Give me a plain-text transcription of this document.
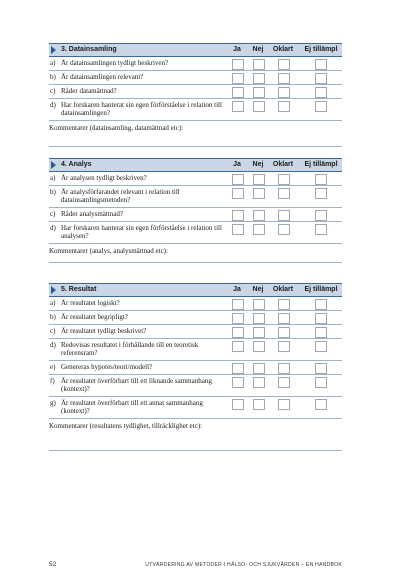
3. Datainsamling	Ja Nej Oklart Ej tillämpl
a) Är datainsamlingen tydligt beskriven?
b) Är datainsamlingen relevant?
c) Råder datamättnad?
d) Har forskaren hanterat sin egen förförståelse i relation till datainsamlingen?
Kommentarer (datainsamling, datamättnad etc):
4. Analys	Ja Nej Oklart Ej tillämpl
a) Är analysen tydligt beskriven?
b) Är analysförfarandet relevant i relation till datainsamlingsmetoden?
c) Råder analysmättnad?
d) Har forskaren hanterat sin egen förförståelse i relation till analysen?
Kommentarer (analys, analysmättnad etc):
5. Resultat	Ja Nej Oklart Ej tillämpl
a) Är resultatet logiskt?
b) Är resultatet begripligt?
c) Är resultatet tydligt beskrivet?
d) Redovisas resultatet i förhållande till en teoretisk referensram?
e) Genereras hypotes/teori/modell?
f) Är resultatet överförbart till ett liknande sammanhang (kontext)?
g) Är resultatet överförbart till ett annat sammanhang (kontext)?
Kommentarer (resultatens tydlighet, tillräcklighet etc):
52	UTVÄRDERING AV METODER I HÄLSO- OCH SJUKVÅRDEN – EN HANDBOK
